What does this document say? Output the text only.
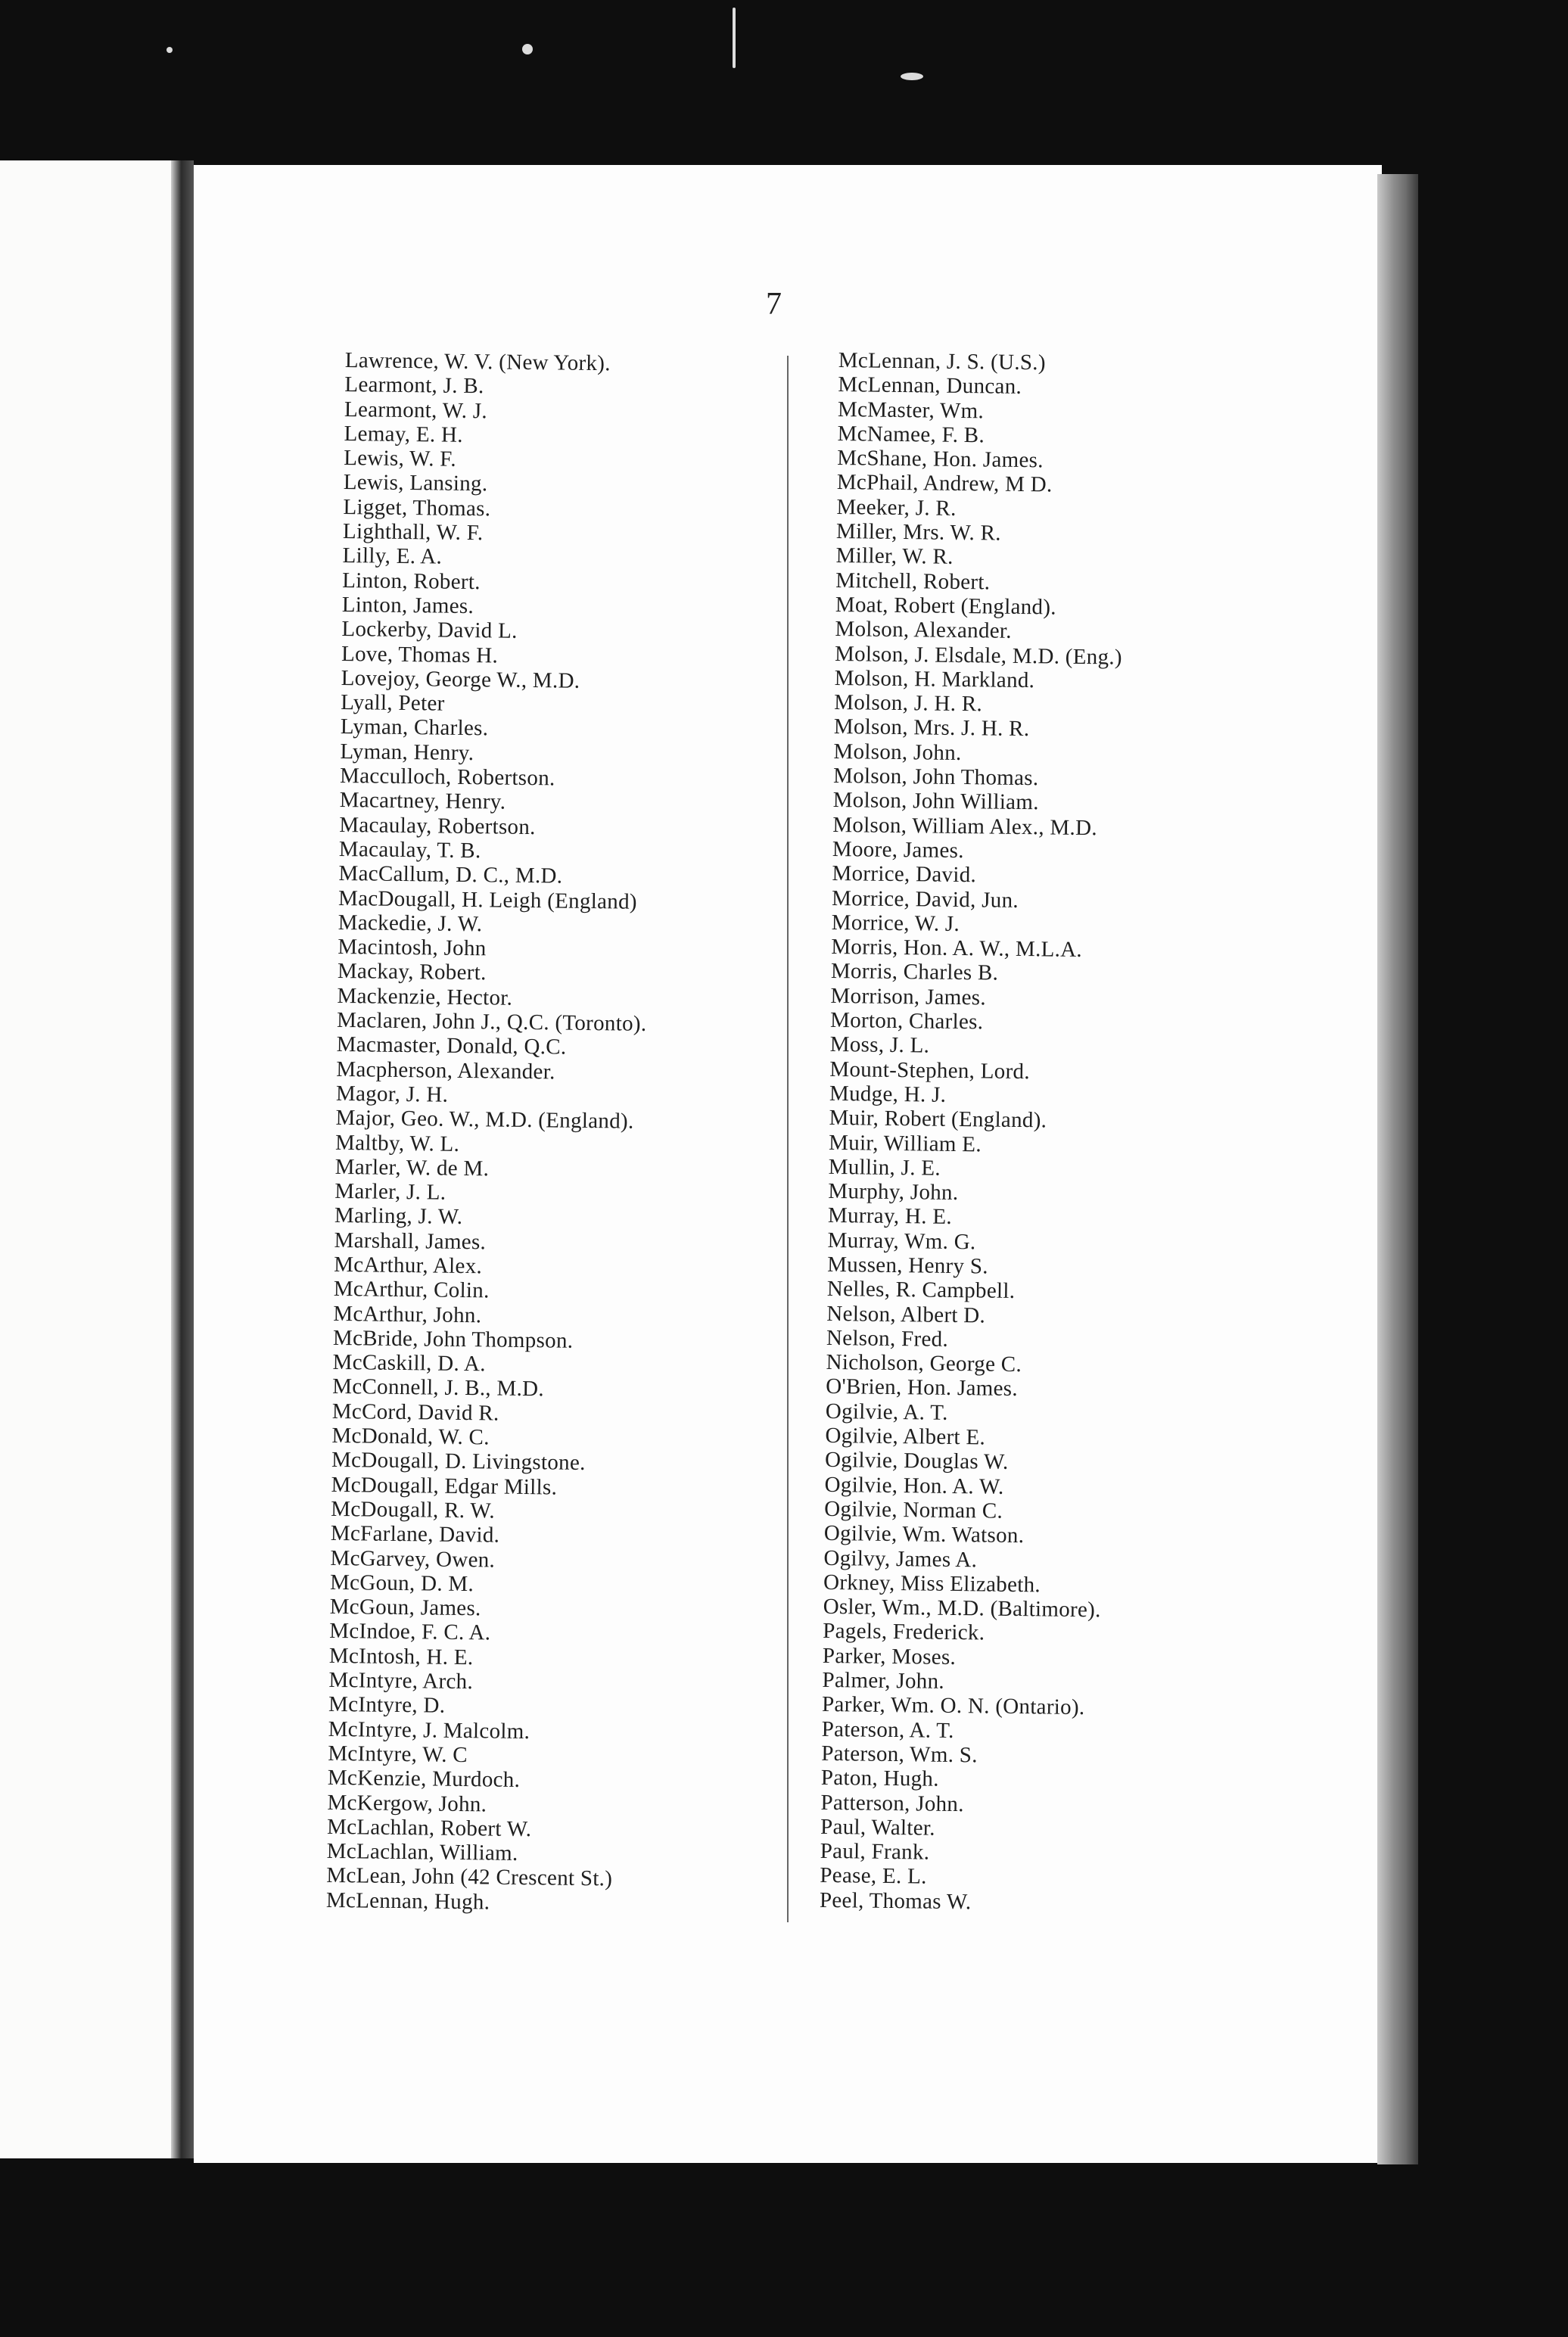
7
Lawrence, W. V. (New York).
Learmont, J. B.
Learmont, W. J.
Lemay, E. H.
Lewis, W. F.
Lewis, Lansing.
Ligget, Thomas.
Lighthall, W. F.
Lilly, E. A.
Linton, Robert.
Linton, James.
Lockerby, David L.
Love, Thomas H.
Lovejoy, George W., M.D.
Lyall, Peter
Lyman, Charles.
Lyman, Henry.
Macculloch, Robertson.
Macartney, Henry.
Macaulay, Robertson.
Macaulay, T. B.
MacCallum, D. C., M.D.
MacDougall, H. Leigh (England)
Mackedie, J. W.
Macintosh, John
Mackay, Robert.
Mackenzie, Hector.
Maclaren, John J., Q.C. (Toronto).
Macmaster, Donald, Q.C.
Macpherson, Alexander.
Magor, J. H.
Major, Geo. W., M.D. (England).
Maltby, W. L.
Marler, W. de M.
Marler, J. L.
Marling, J. W.
Marshall, James.
McArthur, Alex.
McArthur, Colin.
McArthur, John.
McBride, John Thompson.
McCaskill, D. A.
McConnell, J. B., M.D.
McCord, David R.
McDonald, W. C.
McDougall, D. Livingstone.
McDougall, Edgar Mills.
McDougall, R. W.
McFarlane, David.
McGarvey, Owen.
McGoun, D. M.
McGoun, James.
McIndoe, F. C. A.
McIntosh, H. E.
McIntyre, Arch.
McIntyre, D.
McIntyre, J. Malcolm.
McIntyre, W. C
McKenzie, Murdoch.
McKergow, John.
McLachlan, Robert W.
McLachlan, William.
McLean, John (42 Crescent St.)
McLennan, Hugh.
McLennan, J. S. (U.S.)
McLennan, Duncan.
McMaster, Wm.
McNamee, F. B.
McShane, Hon. James.
McPhail, Andrew, M D.
Meeker, J. R.
Miller, Mrs. W. R.
Miller, W. R.
Mitchell, Robert.
Moat, Robert (England).
Molson, Alexander.
Molson, J. Elsdale, M.D. (Eng.)
Molson, H. Markland.
Molson, J. H. R.
Molson, Mrs. J. H. R.
Molson, John.
Molson, John Thomas.
Molson, John William.
Molson, William Alex., M.D.
Moore, James.
Morrice, David.
Morrice, David, Jun.
Morrice, W. J.
Morris, Hon. A. W., M.L.A.
Morris, Charles B.
Morrison, James.
Morton, Charles.
Moss, J. L.
Mount-Stephen, Lord.
Mudge, H. J.
Muir, Robert (England).
Muir, William E.
Mullin, J. E.
Murphy, John.
Murray, H. E.
Murray, Wm. G.
Mussen, Henry S.
Nelles, R. Campbell.
Nelson, Albert D.
Nelson, Fred.
Nicholson, George C.
O'Brien, Hon. James.
Ogilvie, A. T.
Ogilvie, Albert E.
Ogilvie, Douglas W.
Ogilvie, Hon. A. W.
Ogilvie, Norman C.
Ogilvie, Wm. Watson.
Ogilvy, James A.
Orkney, Miss Elizabeth.
Osler, Wm., M.D. (Baltimore).
Pagels, Frederick.
Parker, Moses.
Palmer, John.
Parker, Wm. O. N. (Ontario).
Paterson, A. T.
Paterson, Wm. S.
Paton, Hugh.
Patterson, John.
Paul, Walter.
Paul, Frank.
Pease, E. L.
Peel, Thomas W.
